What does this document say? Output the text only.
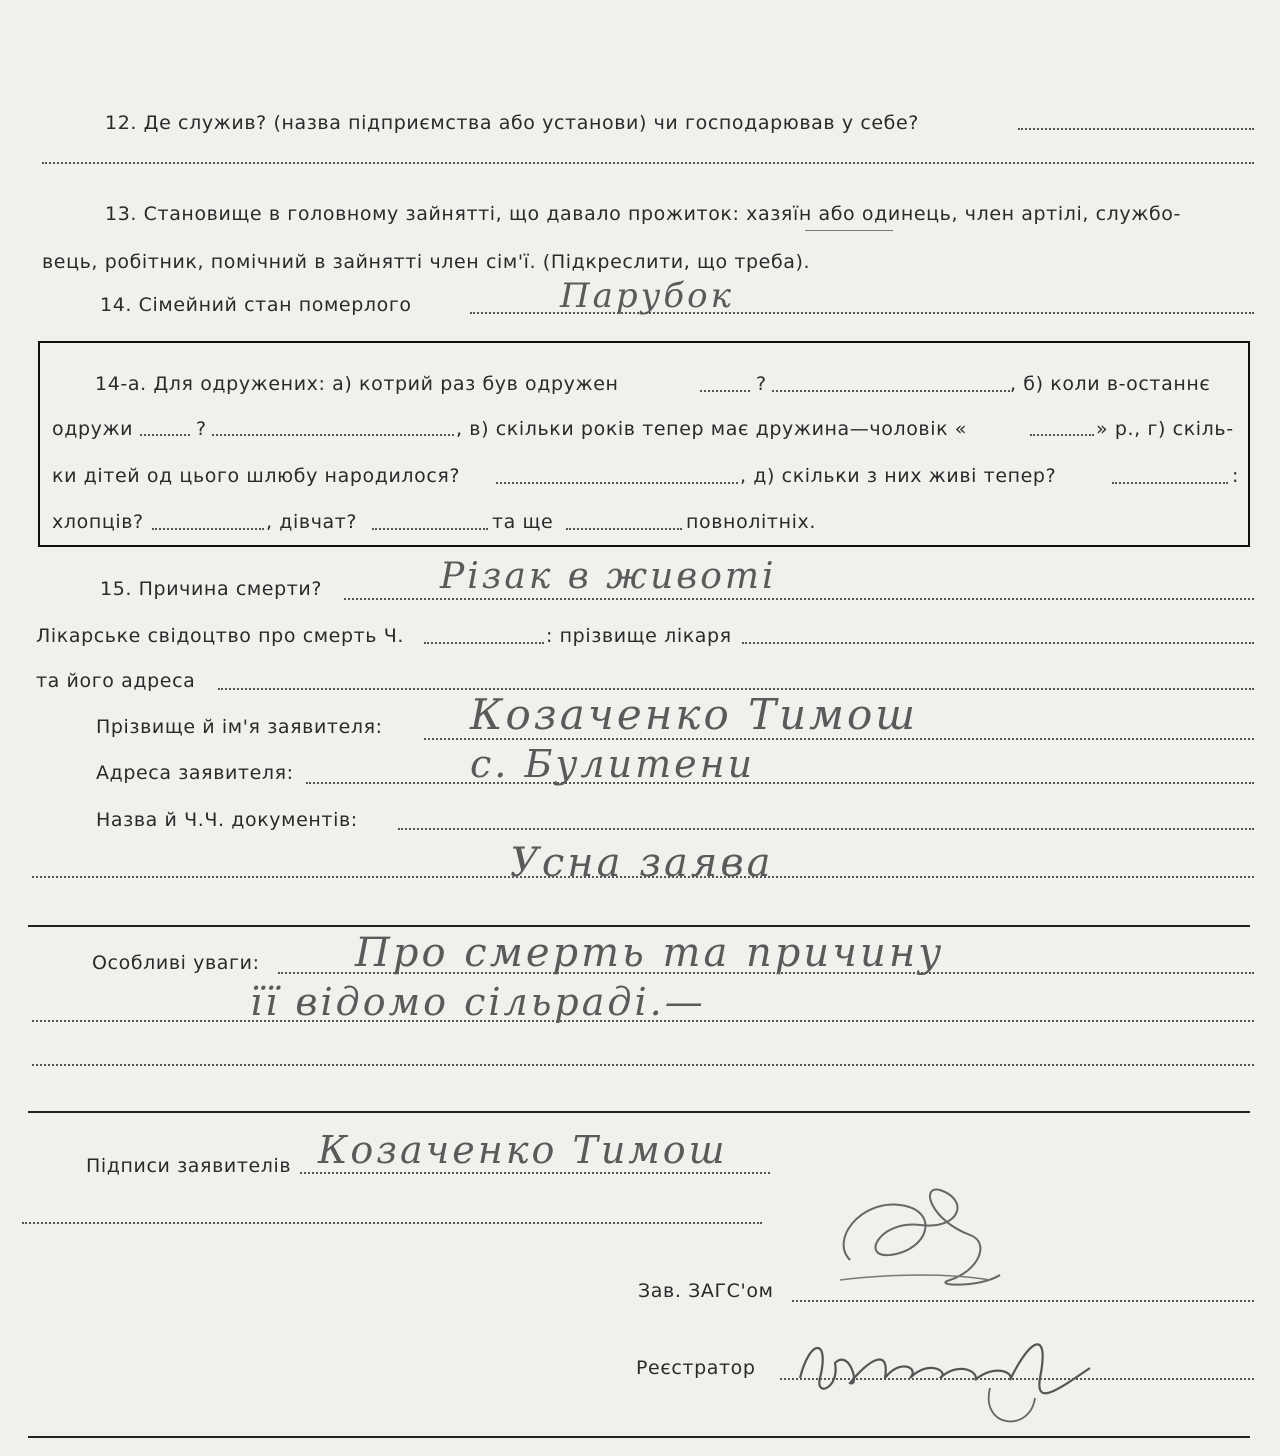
12. Де служив? (назва підприємства або установи) чи господарював у себе?
13. Становище в головному зайнятті, що давало прожиток: хазяїн або одинець, член артілі, службо-
вець, робітник, помічний в зайнятті член сім'ї. (Підкреслити, що треба).
14. Сімейний стан померлого	Парубок
14-а. Для одружених: а) котрий раз був одружен	?	, б) коли в-останнє
одружи	?	, в) скільки років тепер має дружина—чоловік «	» р., г) скіль-
ки дітей од цього шлюбу народилося?	, д) скільки з них живі тепер?	:
хлопців?	, дівчат?	та ще	повнолітніх.
15. Причина смерти?	Різак в животі
Лікарське свідоцтво про смерть Ч.	: прізвище лікаря
та його адреса
Прізвище й ім'я заявителя: Козаченко Тимош
Адреса заявителя:	с. Булитени
Назва й Ч.Ч. документів:
Усна заява
Особливі уваги: Про смерть та причину
її відомо сільраді.—
Підписи заявителів Козаченко Тимош
Зав. ЗАГС'ом
Реєстратор
